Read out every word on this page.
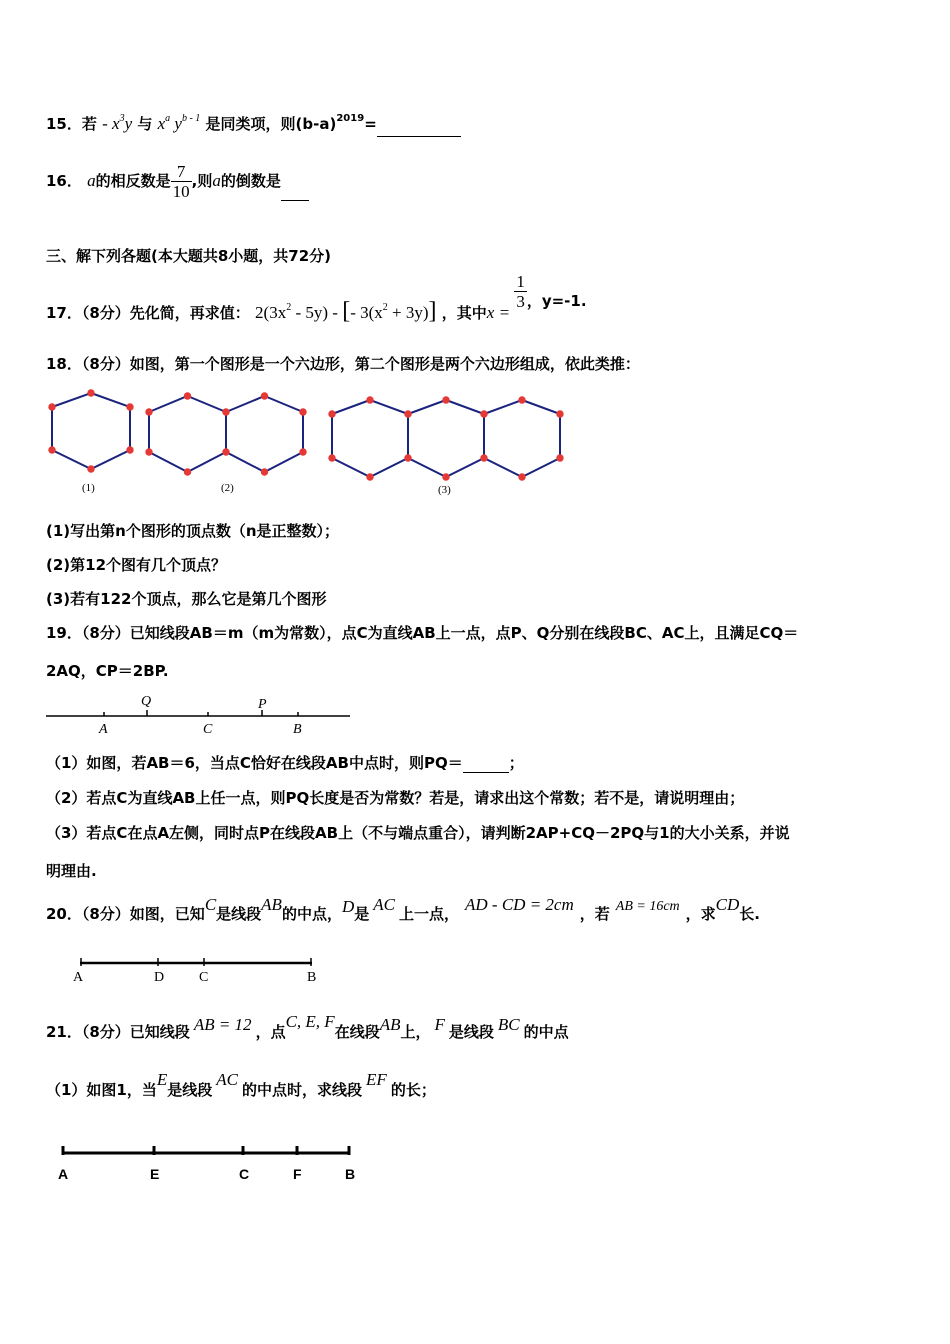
15．若 - $x^3y$ 与 $x^a$ $y^{b - 1}$ 是同类项，则$(b-a)^{2019}=$
16． a的相反数是 $\frac{7}{10}$ ,则a的倒数是
三、解下列各题(本大题共8小题，共72分)
17．（8分）先化简，再求值： $2(3x^2 - 5y)$ - [- $3(x^2 + 3y)$] ，其中x =
$\frac{1}{3}$ ，y=-1.
18．（8分）如图，第一个图形是一个六边形，第二个图形是两个六边形组成，依此类推：
(1)	(2)	(3)
(1)写出第n个图形的顶点数（n是正整数）；
(2)第12个图有几个顶点？
(3)若有122个顶点，那么它是第几个图形
19．（8分）已知线段AB＝m（m为常数），点C为直线AB上一点，点P、Q分别在线段BC、AC上，且满足CQ＝
2AQ，CP＝2BP.
A
Q
C
P
B
（1）如图，若AB＝6，当点C恰好在线段AB中点时，则PQ＝	；
（2）若点C为直线AB上任一点，则PQ长度是否为常数？若是，请求出这个常数；若不是，请说明理由；
（3）若点C在点A左侧，同时点P在线段AB上（不与端点重合），请判断2AP+CQ－2PQ与1的大小关系，并说
明理由.
20．（8分）如图，已知C是线段AB的中点，D是 AC 上一点， AD - CD = 2cm ，若 AB = 16cm ，求CD长.
A	D C	B
21．（8分）已知线段 AB = 12 ，点C, E, F在线段AB上， F 是线段 BC 的中点
（1）如图1，当E是线段AC的中点时，求线段EF的长；
A	E	C	F	B
